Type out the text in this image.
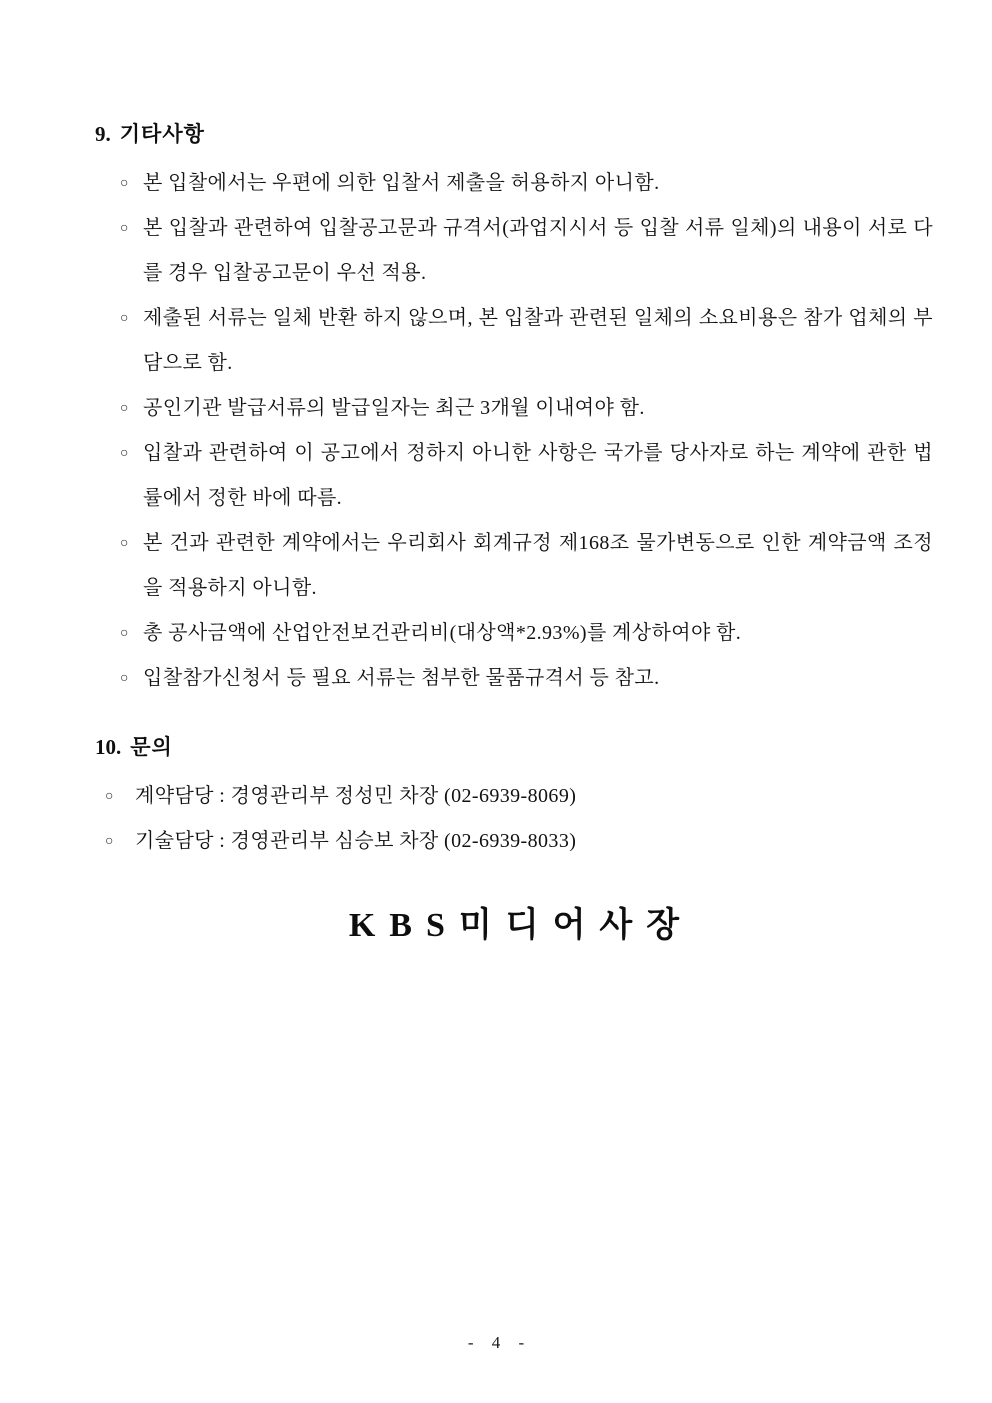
9. 기타사항
○ 본 입찰에서는 우편에 의한 입찰서 제출을 허용하지 아니함.
○ 본 입찰과 관련하여 입찰공고문과 규격서(과업지시서 등 입찰 서류 일체)의 내용이 서로 다를 경우 입찰공고문이 우선 적용.
○ 제출된 서류는 일체 반환 하지 않으며, 본 입찰과 관련된 일체의 소요비용은 참가 업체의 부담으로 함.
○ 공인기관 발급서류의 발급일자는 최근 3개월 이내여야 함.
○ 입찰과 관련하여 이 공고에서 정하지 아니한 사항은 국가를 당사자로 하는 계약에 관한 법률에서 정한 바에 따름.
○ 본 건과 관련한 계약에서는 우리회사 회계규정 제168조 물가변동으로 인한 계약금액 조정을 적용하지 아니함.
○ 총 공사금액에 산업안전보건관리비(대상액*2.93%)를 계상하여야 함.
○ 입찰참가신청서 등 필요 서류는 첨부한 물품규격서 등 참고.
10. 문의
○	계약담당 : 경영관리부 정성민 차장 (02-6939-8069)
○	기술담당 : 경영관리부 심승보 차장 (02-6939-8033)
KBS미디어사장
- 4 -
